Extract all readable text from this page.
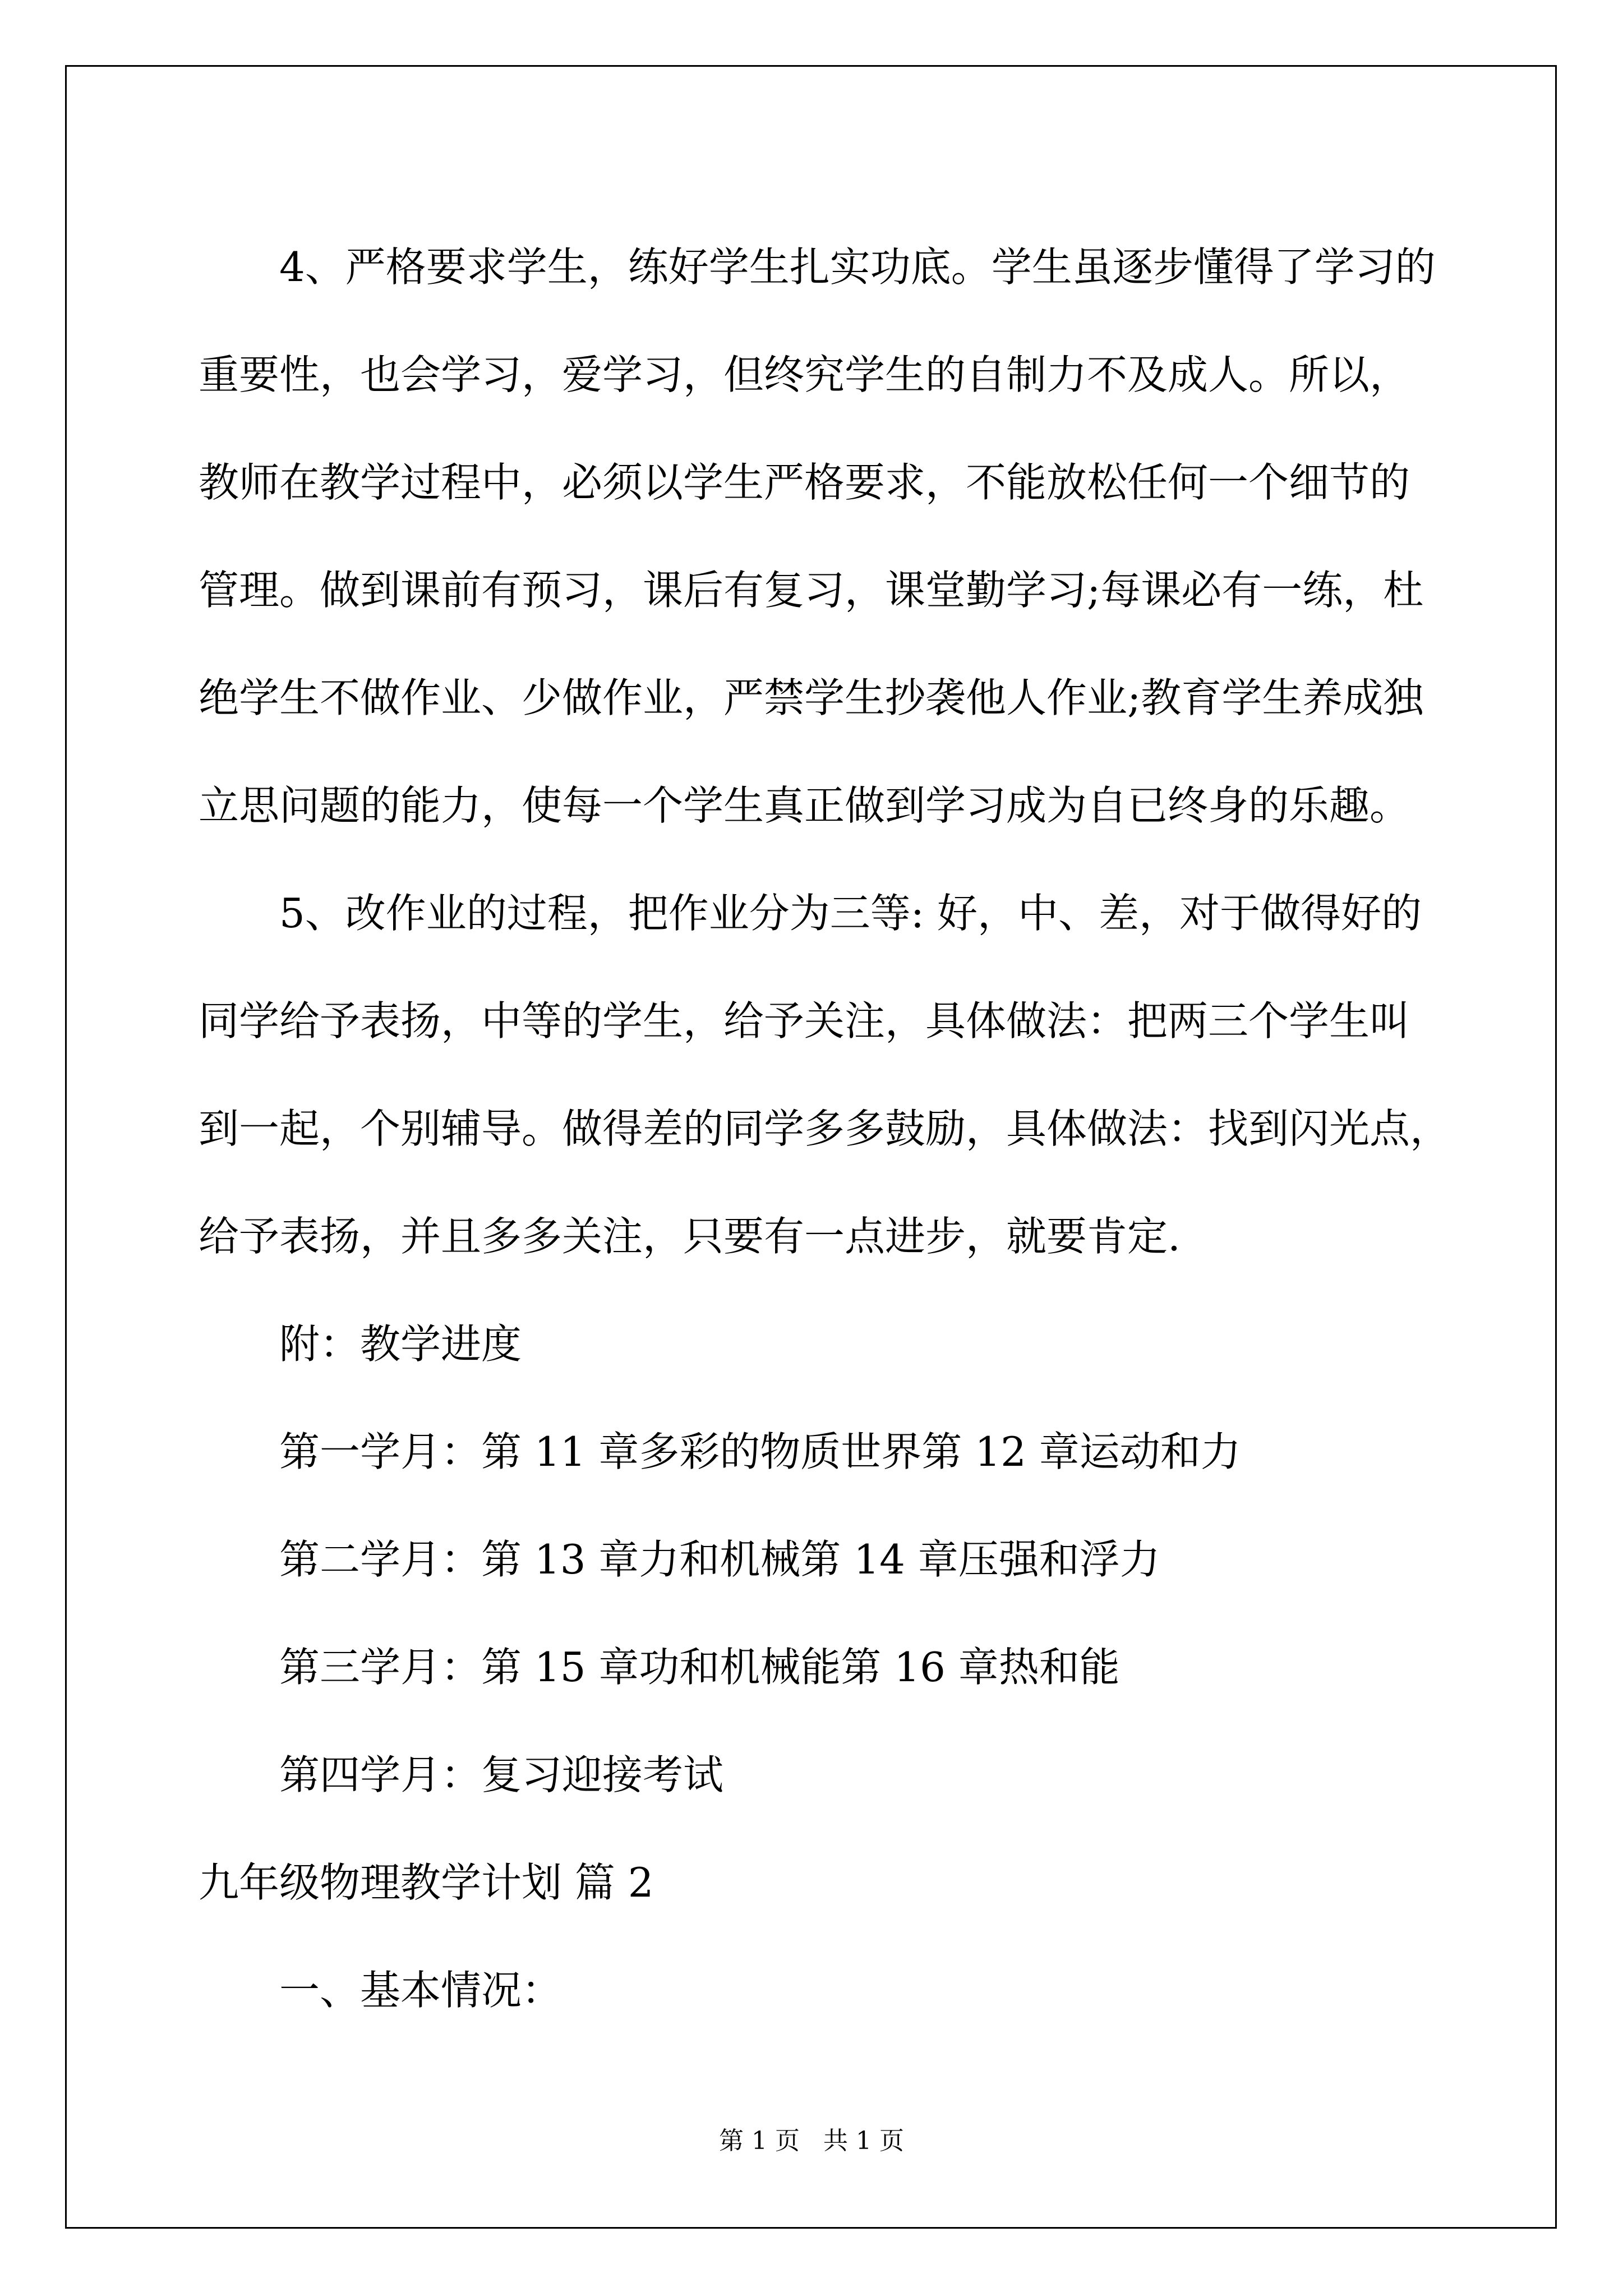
4、严格要求学生，练好学生扎实功底。学生虽逐步懂得了学习的
重要性，也会学习，爱学习，但终究学生的自制力不及成人。所以，
教师在教学过程中，必须以学生严格要求，不能放松任何一个细节的
管理。做到课前有预习，课后有复习，课堂勤学习;每课必有一练，杜
绝学生不做作业、少做作业，严禁学生抄袭他人作业;教育学生养成独
立思问题的能力，使每一个学生真正做到学习成为自已终身的乐趣。
5、改作业的过程，把作业分为三等: 好，中、差，对于做得好的
同学给予表扬，中等的学生，给予关注，具体做法：把两三个学生叫
到一起，个别辅导。做得差的同学多多鼓励，具体做法：找到闪光点，
给予表扬，并且多多关注，只要有一点进步，就要肯定.
附：教学进度
第一学月：第 11 章多彩的物质世界第 12 章运动和力
第二学月：第 13 章力和机械第 14 章压强和浮力
第三学月：第 15 章功和机械能第 16 章热和能
第四学月：复习迎接考试
九年级物理教学计划 篇 2
一、基本情况：
第 1 页   共 1 页
